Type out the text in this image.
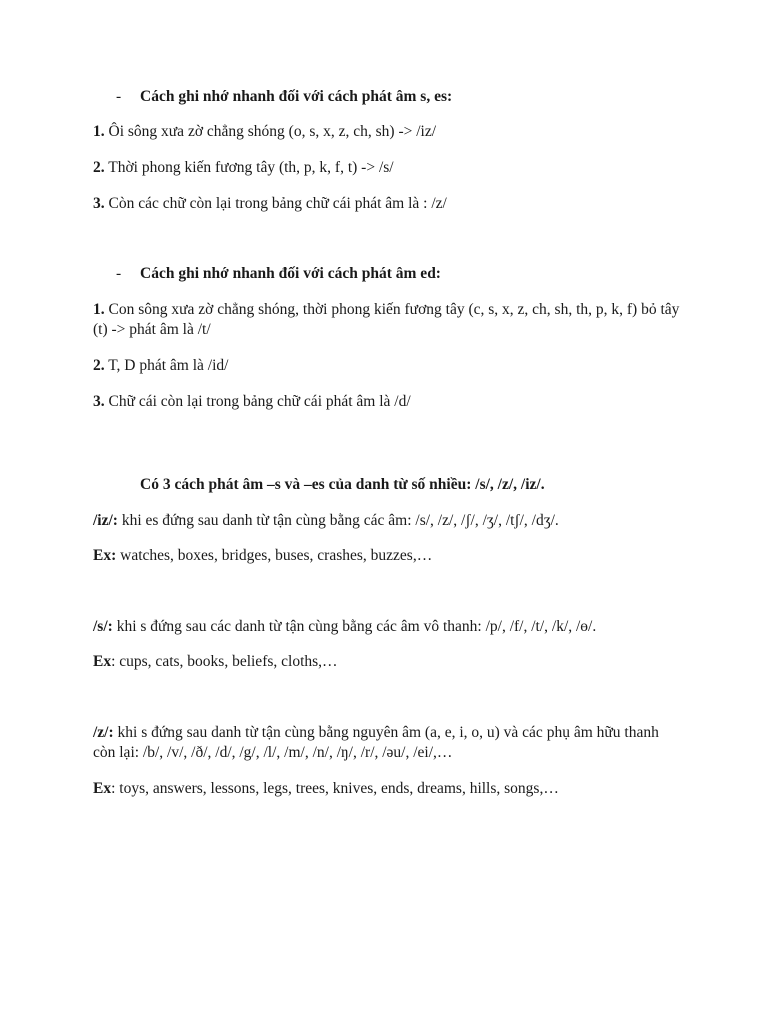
- Cách ghi nhớ nhanh đối với cách phát âm s, es:
1. Ôi sông xưa zờ chẳng shóng (o, s, x, z, ch, sh) -> /iz/
2. Thời phong kiến fương tây (th, p, k, f, t) -> /s/
3. Còn các chữ còn lại trong bảng chữ cái phát âm là : /z/
- Cách ghi nhớ nhanh đối với cách phát âm ed:
1. Con sông xưa zờ chẳng shóng, thời phong kiến fương tây (c, s, x, z, ch, sh, th, p, k, f) bỏ tây (t) -> phát âm là /t/
2. T, D phát âm là /id/
3. Chữ cái còn lại trong bảng chữ cái phát âm là /d/
Có 3 cách phát âm –s và –es của danh từ số nhiều: /s/, /z/, /iz/.
/iz/: khi es đứng sau danh từ tận cùng bằng các âm: /s/, /z/, /ʃ/, /ʒ/, /tʃ/, /dʒ/.
Ex: watches, boxes, bridges, buses, crashes, buzzes,…
/s/: khi s đứng sau các danh từ tận cùng bằng các âm vô thanh: /p/, /f/, /t/, /k/, /ɵ/.
Ex: cups, cats, books, beliefs, cloths,…
/z/: khi s đứng sau danh từ tận cùng bằng nguyên âm (a, e, i, o, u) và các phụ âm hữu thanh còn lại: /b/, /v/, /ð/, /d/, /g/, /l/, /m/, /n/, /ŋ/, /r/, /əu/, /ei/,…
Ex: toys, answers, lessons, legs, trees, knives, ends, dreams, hills, songs,…
